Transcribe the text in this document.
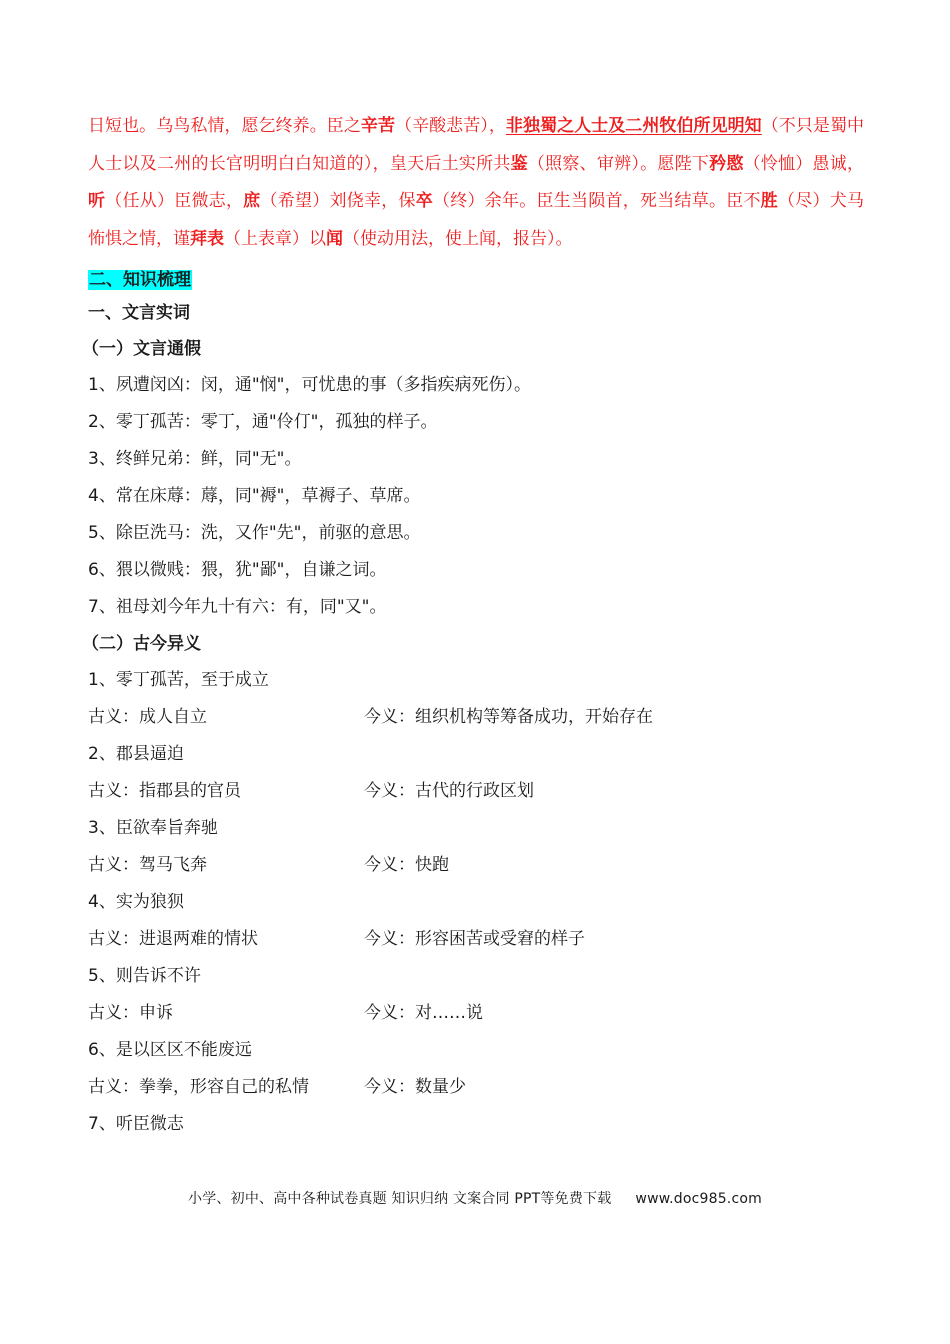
日短也。乌鸟私情，愿乞终养。臣之辛苦（辛酸悲苦），非独蜀之人士及二州牧伯所见明知（不只是蜀中人士以及二州的长官明明白白知道的），皇天后土实所共鉴（照察、审辨）。愿陛下矜愍（怜恤）愚诚，听（任从）臣微志，庶（希望）刘侥幸，保卒（终）余年。臣生当陨首，死当结草。臣不胜（尽）犬马怖惧之情，谨拜表（上表章）以闻（使动用法，使上闻，报告）。

二、知识梳理
一、文言实词
（一）文言通假
1、夙遭闵凶：闵，通"悯"，可忧患的事（多指疾病死伤）。
2、零丁孤苦：零丁，通"伶仃"，孤独的样子。
3、终鲜兄弟：鲜，同"无"。
4、常在床蓐：蓐，同"褥"，草褥子、草席。
5、除臣洗马：洗，又作"先"，前驱的意思。
6、猥以微贱：猥，犹"鄙"，自谦之词。
7、祖母刘今年九十有六：有，同"又"。
（二）古今异义
1、零丁孤苦，至于成立
古义：成人自立	今义：组织机构等筹备成功，开始存在
2、郡县逼迫
古义：指郡县的官员	今义：古代的行政区划
3、臣欲奉旨奔驰
古义：驾马飞奔	今义：快跑
4、实为狼狈
古义：进退两难的情状	今义：形容困苦或受窘的样子
5、则告诉不许
古义：申诉	今义：对……说
6、是以区区不能废远
古义：拳拳，形容自己的私情	今义：数量少
7、听臣微志
小学、初中、高中各种试卷真题 知识归纳 文案合同 PPT等免费下载 www.doc985.com
